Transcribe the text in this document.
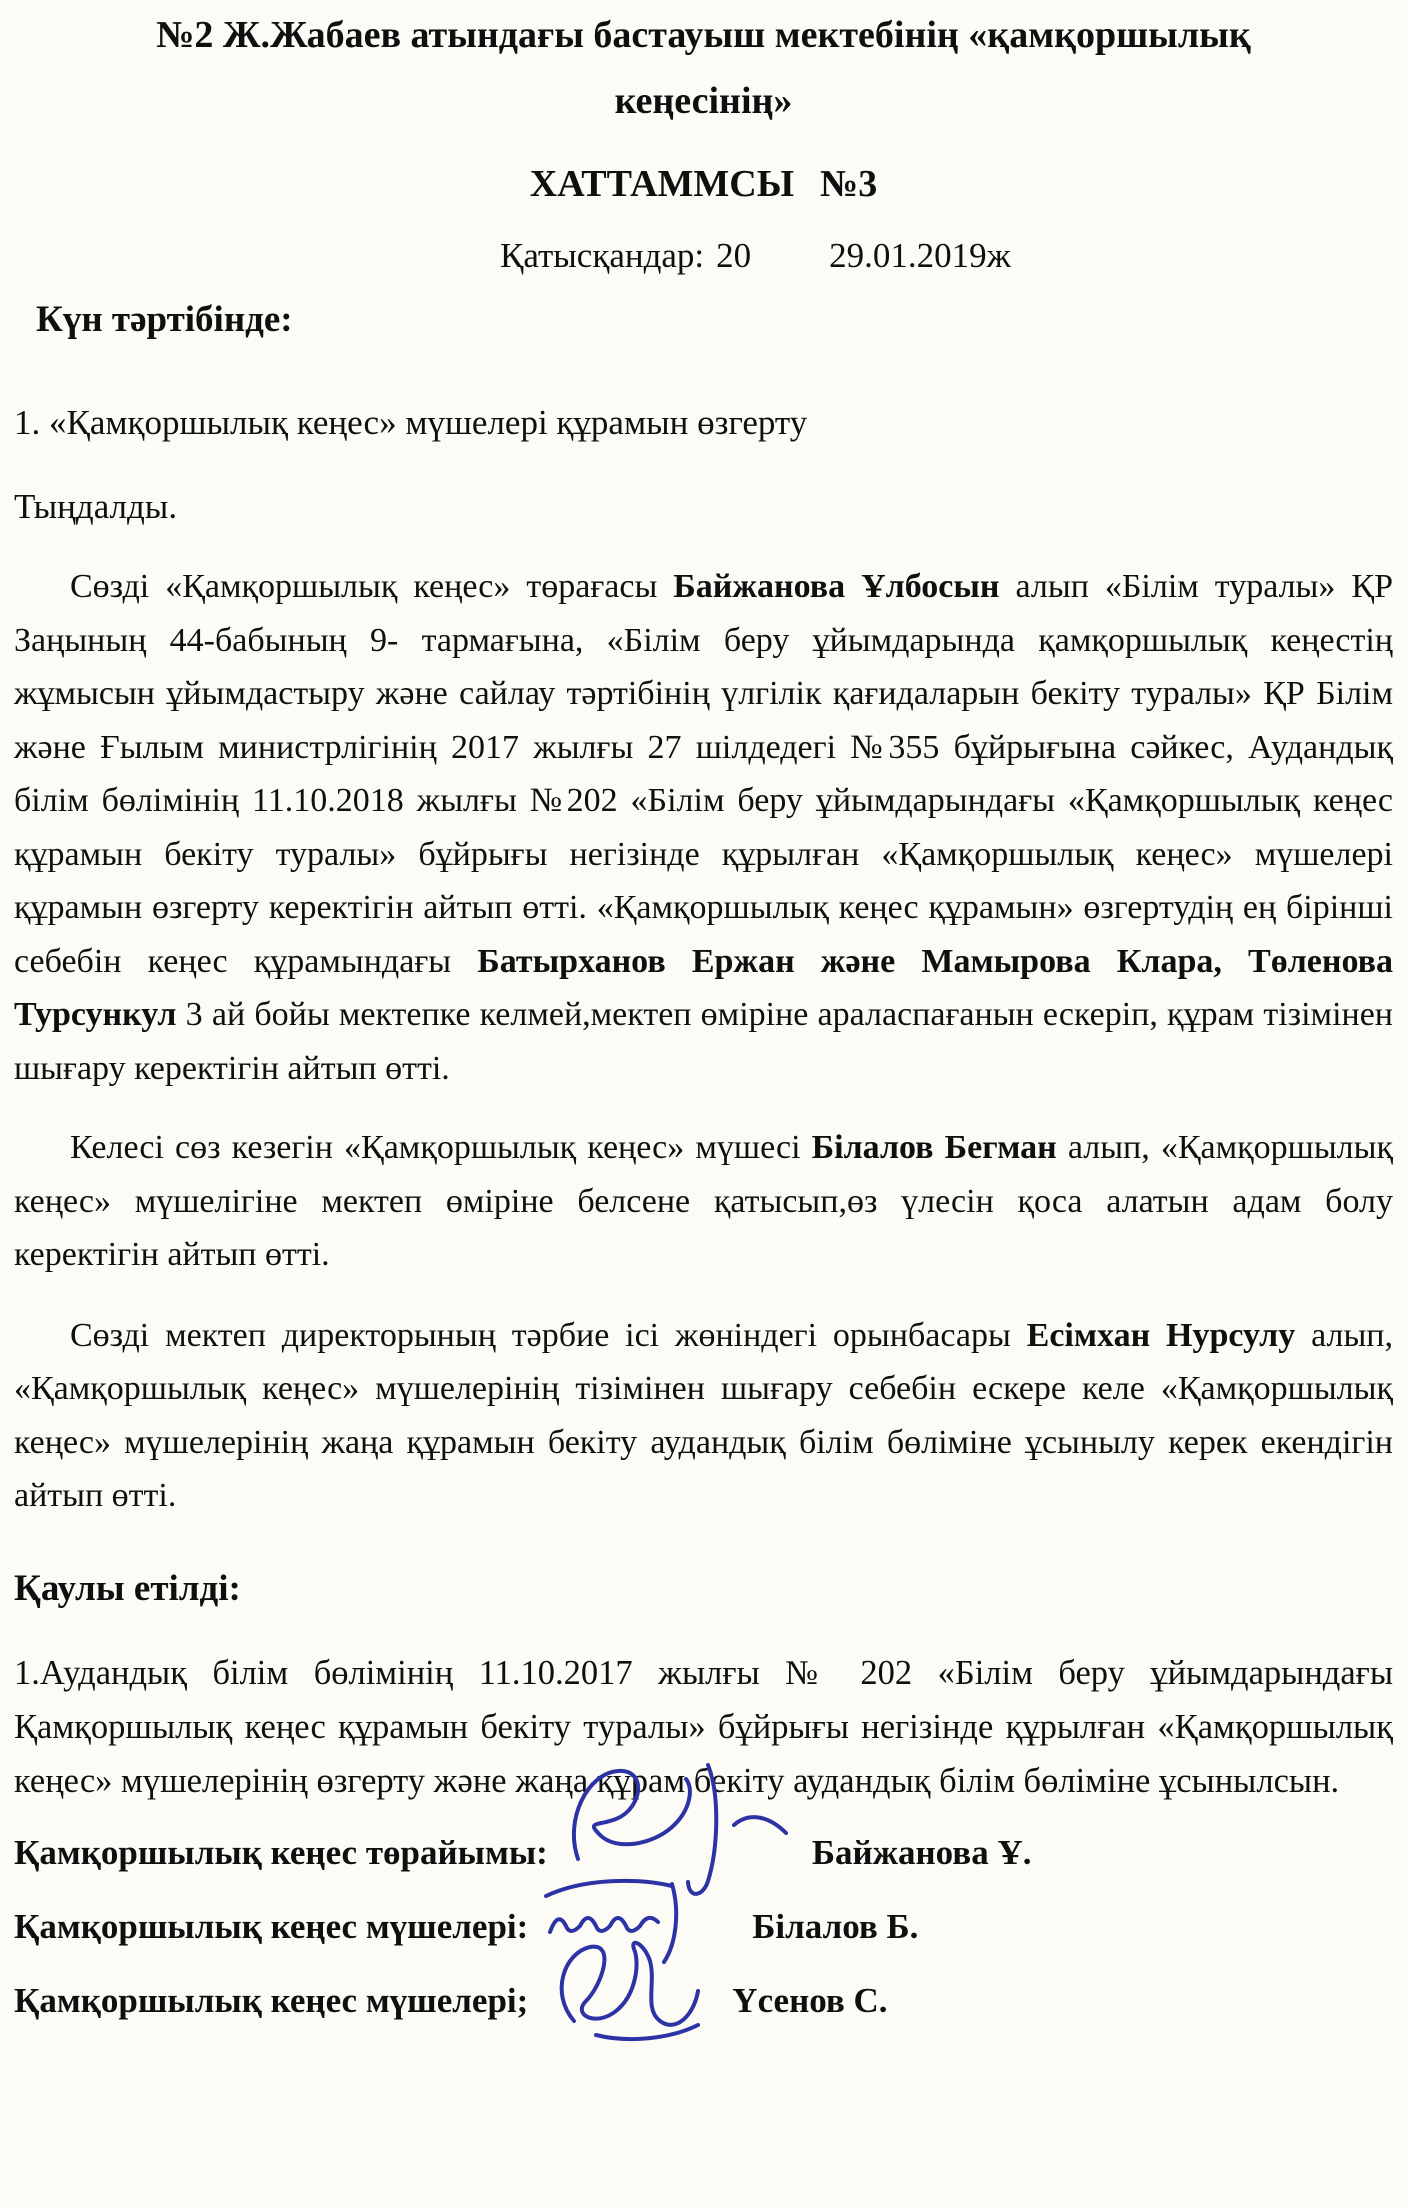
№2 Ж.Жабаев атындағы бастауыш мектебінің «қамқоршылық
кеңесінің»
ХАТТАММСЫ №3
Қатысқандар: 20 29.01.2019ж
Күн тәртібінде:
1. «Қамқоршылық кеңес» мүшелері құрамын өзгерту
Тыңдалды.
Сөзді «Қамқоршылық кеңес» төрағасы Байжанова Ұлбосын алып «Білім туралы» ҚР Заңының 44-бабының 9- тармағына, «Білім беру ұйымдарында қамқоршылық кеңестің жұмысын ұйымдастыру және сайлау тәртібінің үлгілік қағидаларын бекіту туралы» ҚР Білім және Ғылым министрлігінің 2017 жылғы 27 шілдедегі №355 бұйрығына сәйкес, Аудандық білім бөлімінің 11.10.2018 жылғы №202 «Білім беру ұйымдарындағы «Қамқоршылық кеңес құрамын бекіту туралы» бұйрығы негізінде құрылған «Қамқоршылық кеңес» мүшелері құрамын өзгерту керектігін айтып өтті. «Қамқоршылық кеңес құрамын» өзгертудің ең бірінші себебін кеңес құрамындағы Батырханов Ержан және Мамырова Клара, Төленова Турсункул 3 ай бойы мектепке келмей,мектеп өміріне араласпағанын ескеріп, құрам тізімінен шығару керектігін айтып өтті.
Келесі сөз кезегін «Қамқоршылық кеңес» мүшесі Білалов Бегман алып, «Қамқоршылық кеңес» мүшелігіне мектеп өміріне белсене қатысып,өз үлесін қоса алатын адам болу керектігін айтып өтті.
Сөзді мектеп директорының тәрбие ісі жөніндегі орынбасары Есімхан Нурсулу алып, «Қамқоршылық кеңес» мүшелерінің тізімінен шығару себебін ескере келе «Қамқоршылық кеңес» мүшелерінің жаңа құрамын бекіту аудандық білім бөліміне ұсынылу керек екендігін айтып өтті.
Қаулы етілді:
1.Аудандық білім бөлімінің 11.10.2017 жылғы № 202 «Білім беру ұйымдарындағы Қамқоршылық кеңес құрамын бекіту туралы» бұйрығы негізінде құрылған «Қамқоршылық кеңес» мүшелерінің өзгерту және жаңа құрам бекіту аудандық білім бөліміне ұсынылсын.
Қамқоршылық кеңес төрайымы:	Байжанова Ұ.
Қамқоршылық кеңес мүшелері:	Білалов Б.
Қамқоршылық кеңес мүшелері;	Үсенов С.
